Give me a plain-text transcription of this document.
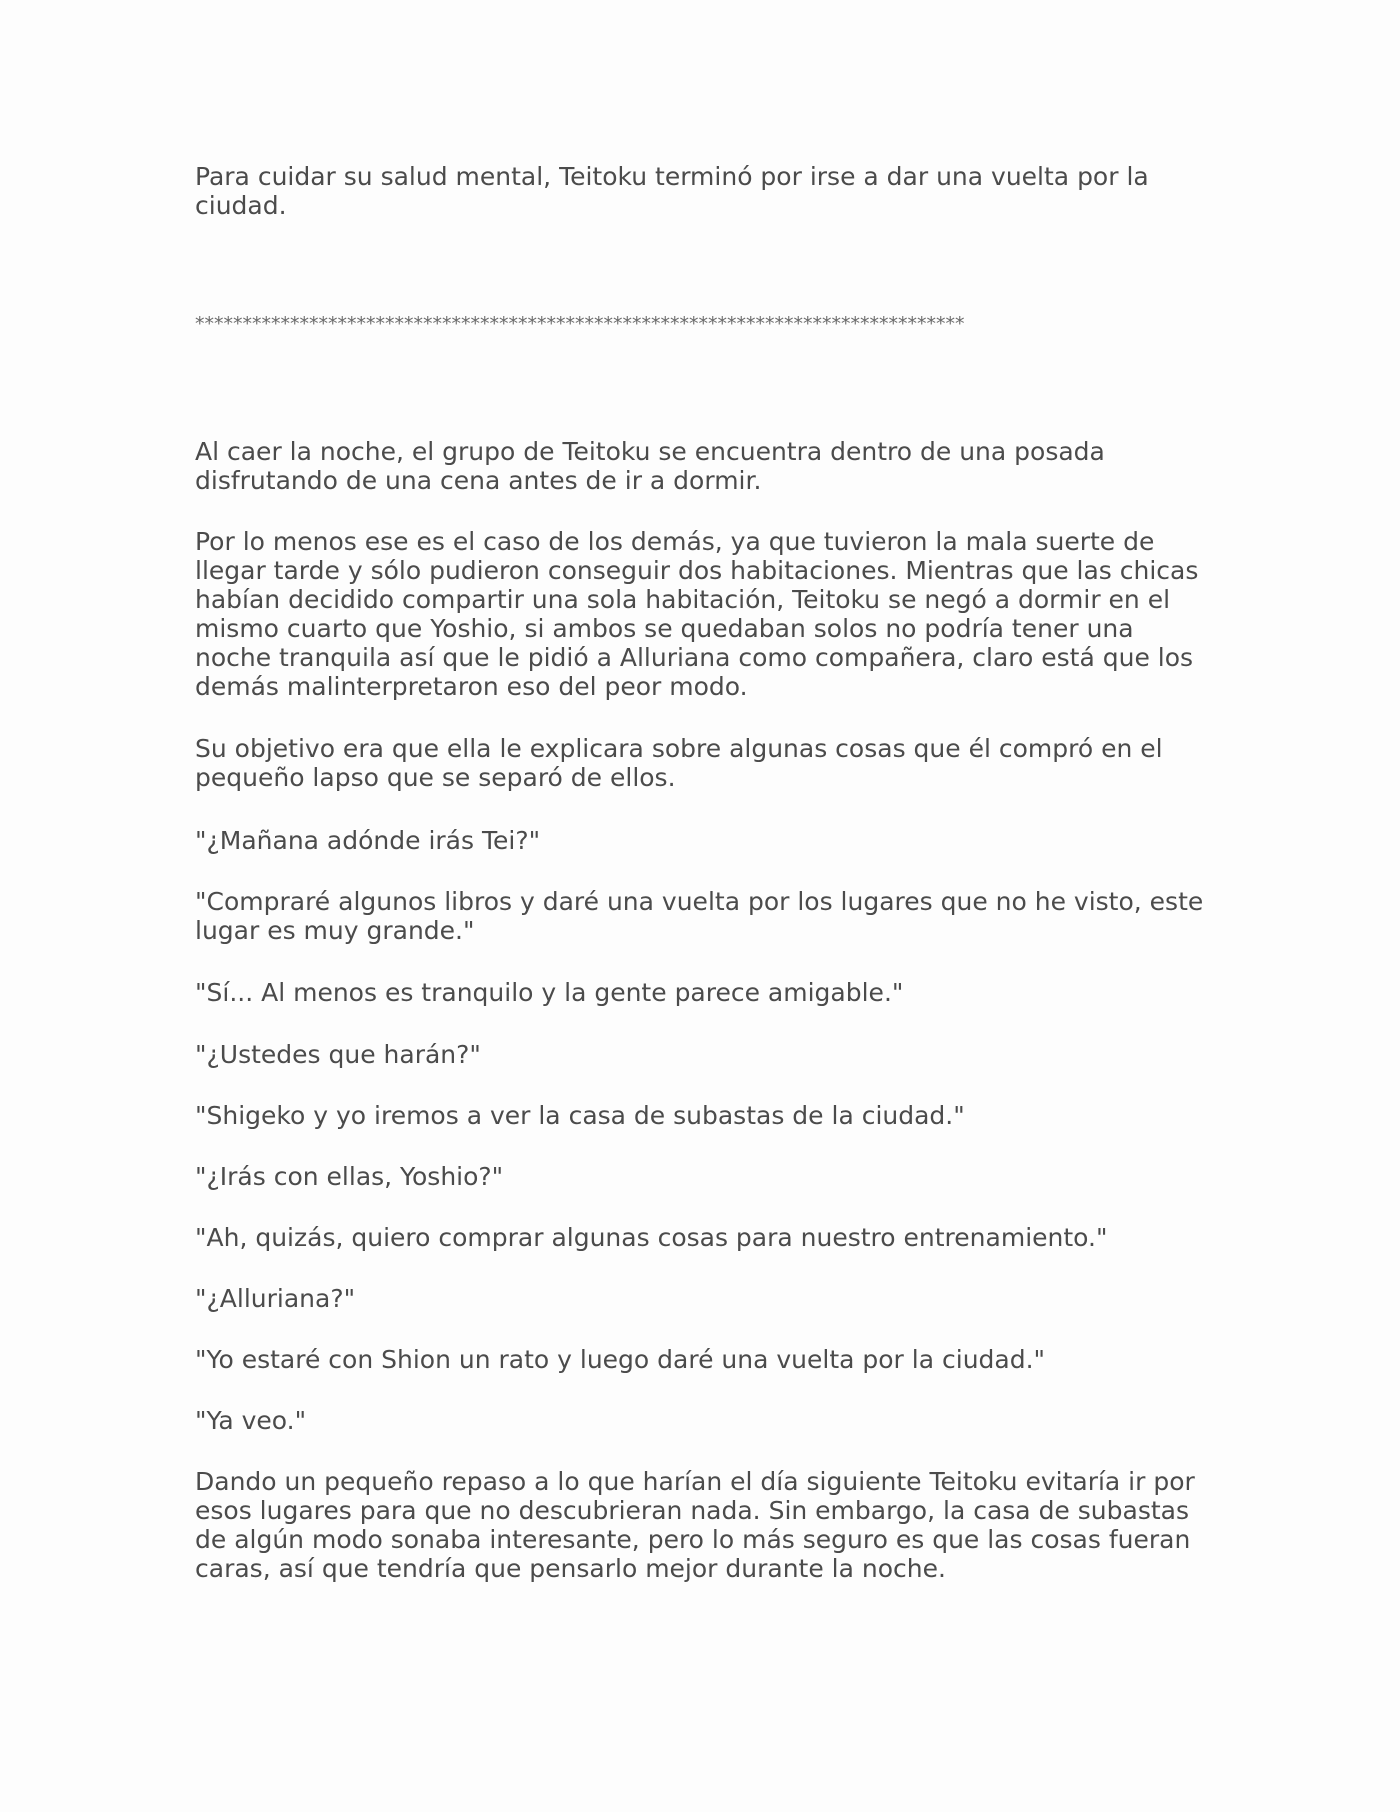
Para cuidar su salud mental, Teitoku terminó por irse a dar una vuelta por la ciudad.

*********************************************************************************

Al caer la noche, el grupo de Teitoku se encuentra dentro de una posada disfrutando de una cena antes de ir a dormir.

Por lo menos ese es el caso de los demás, ya que tuvieron la mala suerte de llegar tarde y sólo pudieron conseguir dos habitaciones. Mientras que las chicas habían decidido compartir una sola habitación, Teitoku se negó a dormir en el mismo cuarto que Yoshio, si ambos se quedaban solos no podría tener una noche tranquila así que le pidió a Alluriana como compañera, claro está que los demás malinterpretaron eso del peor modo.

Su objetivo era que ella le explicara sobre algunas cosas que él compró en el pequeño lapso que se separó de ellos.

"¿Mañana adónde irás Tei?"

"Compraré algunos libros y daré una vuelta por los lugares que no he visto, este lugar es muy grande."

"Sí... Al menos es tranquilo y la gente parece amigable."

"¿Ustedes que harán?"

"Shigeko y yo iremos a ver la casa de subastas de la ciudad."

"¿Irás con ellas, Yoshio?"

"Ah, quizás, quiero comprar algunas cosas para nuestro entrenamiento."

"¿Alluriana?"

"Yo estaré con Shion un rato y luego daré una vuelta por la ciudad."

"Ya veo."

Dando un pequeño repaso a lo que harían el día siguiente Teitoku evitaría ir por esos lugares para que no descubrieran nada. Sin embargo, la casa de subastas de algún modo sonaba interesante, pero lo más seguro es que las cosas fueran caras, así que tendría que pensarlo mejor durante la noche.
